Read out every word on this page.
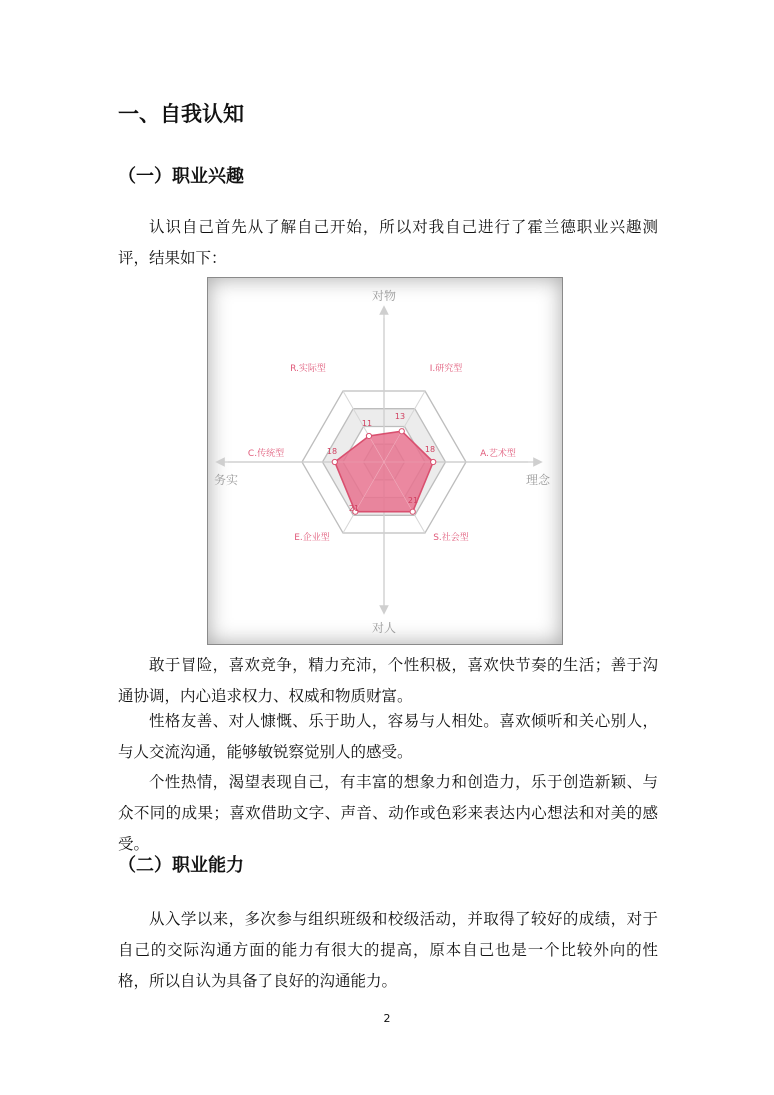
一、自我认知
（一）职业兴趣

认识自己首先从了解自己开始，所以对我自己进行了霍兰德职业兴趣测评，结果如下：

对物
对人
务实	理念
I.研究型
A.艺术型
S.社会型
E.企业型
C.传统型
R.实际型
13
18
21
21
18
11

敢于冒险，喜欢竞争，精力充沛，个性积极，喜欢快节奏的生活；善于沟通协调，内心追求权力、权威和物质财富。

性格友善、对人慷慨、乐于助人，容易与人相处。喜欢倾听和关心别人，与人交流沟通，能够敏锐察觉别人的感受。

个性热情，渴望表现自己，有丰富的想象力和创造力，乐于创造新颖、与众不同的成果；喜欢借助文字、声音、动作或色彩来表达内心想法和对美的感受。

（二）职业能力

从入学以来，多次参与组织班级和校级活动，并取得了较好的成绩，对于自己的交际沟通方面的能力有很大的提高，原本自己也是一个比较外向的性格，所以自认为具备了良好的沟通能力。

2
